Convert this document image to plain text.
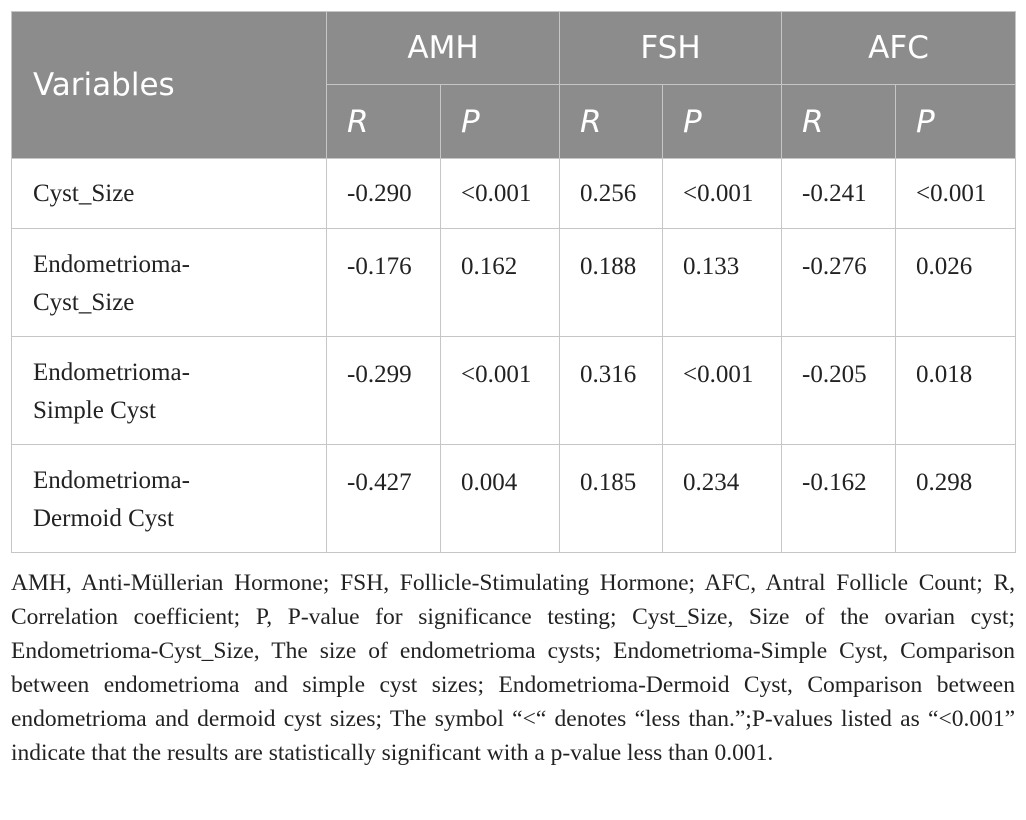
Variables	AMH		FSH		AFC	
	R	P	R	P	R	P
Cyst_Size	-0.290	<0.001	0.256	<0.001	-0.241	<0.001
Endometrioma-
Cyst_Size	-0.176	0.162	0.188	0.133	-0.276	0.026
Endometrioma-
Simple Cyst	-0.299	<0.001	0.316	<0.001	-0.205	0.018
Endometrioma-
Dermoid Cyst	-0.427	0.004	0.185	0.234	-0.162	0.298

AMH, Anti-Müllerian Hormone; FSH, Follicle-Stimulating Hormone; AFC, Antral Follicle Count; R, Correlation coefficient; P, P-value for significance testing; Cyst_Size, Size of the ovarian cyst; Endometrioma-Cyst_Size, The size of endometrioma cysts; Endometrioma-Simple Cyst, Comparison between endometrioma and simple cyst sizes; Endometrioma-Dermoid Cyst, Comparison between endometrioma and dermoid cyst sizes; The symbol “<“ denotes “less than.”;P-values listed as “<0.001” indicate that the results are statistically significant with a p-value less than 0.001.
